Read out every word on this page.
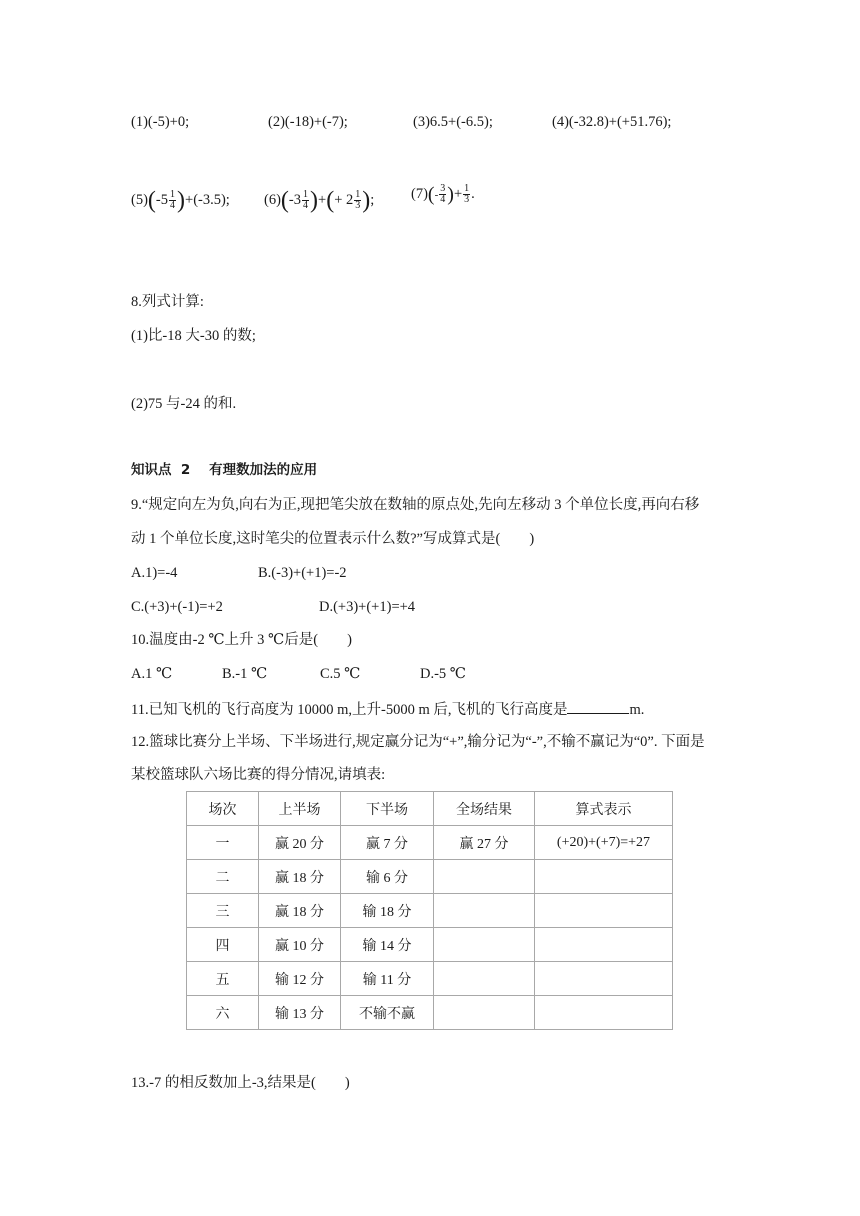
(1)(-5)+0;	(2)(-18)+(-7);	(3)6.5+(-6.5);	(4)(-32.8)+(+51.76);
$(5)(-5 \frac{1}{4} )+(-3.5)$; $(6)(-3 \frac{1}{4}$ )+(+ $2 \frac{1}{3}$ );	$(7)(- \frac{3}{4}$ )+ $\frac{1}{3}$ .
8.列式计算:
(1)比-18 大-30 的数;
(2)75 与-24 的和.
知识点  2    有理数加法的应用
9.“规定向左为负,向右为正,现把笔尖放在数轴的原点处,先向左移动 3 个单位长度,再向右移
动 1 个单位长度,这时笔尖的位置表示什么数?”写成算式是(        )
A.1)=-4	B.(-3)+(+1)=-2
C.(+3)+(-1)=+2	D.(+3)+(+1)=+4
10.温度由-2 ℃上升 3 ℃后是(        )
A.1 ℃	B.-1 ℃	C.5 ℃	D.-5 ℃
11.已知飞机的飞行高度为 10000 m,上升-5000 m 后,飞机的飞行高度是	m.
12.篮球比赛分上半场、下半场进行,规定赢分记为“+”,输分记为“-”,不输不赢记为“0”. 下面是
某校篮球队六场比赛的得分情况,请填表:
场次	上半场	下半场	全场结果	算式表示
一	赢 20 分	赢 7 分	赢 27 分	(+20)+(+7)=+27
二	赢 18 分	输 6 分		
三	赢 18 分	输 18 分		
四	赢 10 分	输 14 分		
五	输 12 分	输 11 分		
六	输 13 分	不输不赢		
13.-7 的相反数加上-3,结果是(        )
